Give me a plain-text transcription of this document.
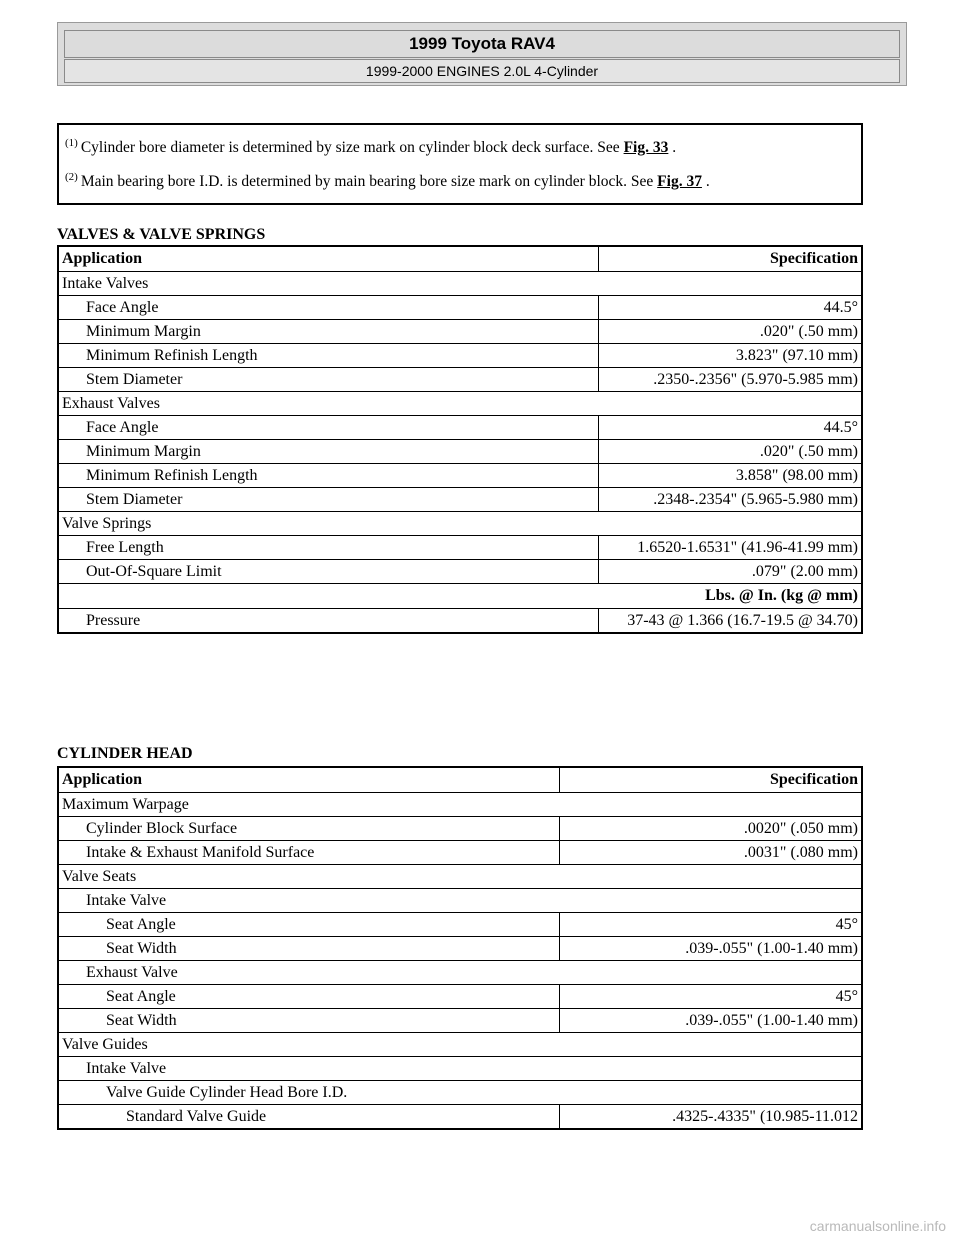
1999 Toyota RAV4
1999-2000 ENGINES 2.0L 4-Cylinder
$^{(1)}$ Cylinder bore diameter is determined by size mark on cylinder block deck surface. See Fig. 33 .
$^{(2)}$ Main bearing bore I.D. is determined by main bearing bore size mark on cylinder block. See Fig. 37 .
VALVES & VALVE SPRINGS
Application	Specification
Intake Valves	
Face Angle	44.5°
Minimum Margin	.020" (.50 mm)
Minimum Refinish Length	3.823" (97.10 mm)
Stem Diameter	.2350-.2356" (5.970-5.985 mm)
Exhaust Valves	
Face Angle	44.5°
Minimum Margin	.020" (.50 mm)
Minimum Refinish Length	3.858" (98.00 mm)
Stem Diameter	.2348-.2354" (5.965-5.980 mm)
Valve Springs	
Free Length	1.6520-1.6531" (41.96-41.99 mm)
Out-Of-Square Limit	.079" (2.00 mm)
Lbs. @ In. (kg @ mm)	
Pressure	37-43 @ 1.366 (16.7-19.5 @ 34.70)
CYLINDER HEAD
Application	Specification
Maximum Warpage	
Cylinder Block Surface	.0020" (.050 mm)
Intake & Exhaust Manifold Surface	.0031" (.080 mm)
Valve Seats	
Intake Valve	
Seat Angle	45°
Seat Width	.039-.055" (1.00-1.40 mm)
Exhaust Valve	
Seat Angle	45°
Seat Width	.039-.055" (1.00-1.40 mm)
Valve Guides	
Intake Valve	
Valve Guide Cylinder Head Bore I.D.	
Standard Valve Guide	.4325-.4335" (10.985-11.012
carmanualsonline.info
